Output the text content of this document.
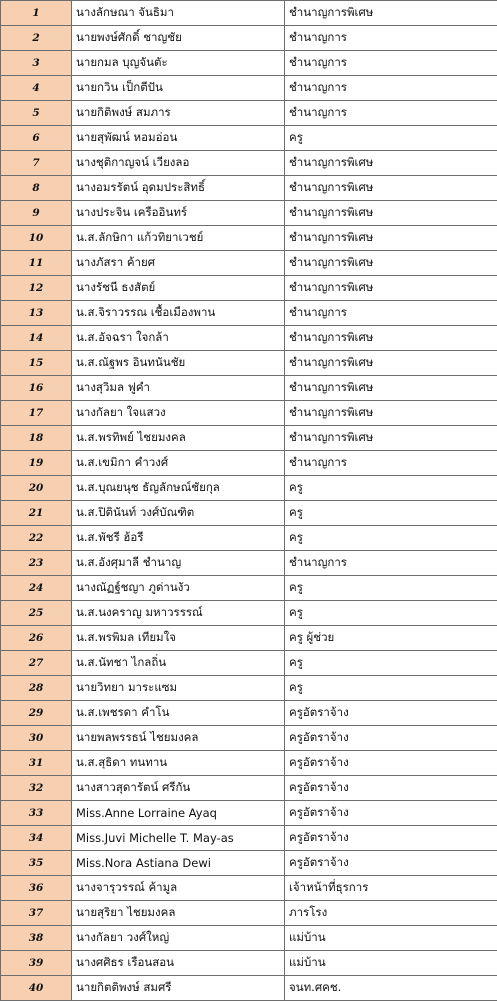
1	นางลักษณา จันธิมา	ชำนาญการพิเศษ
2	นายพงษ์ศักดิ์ ชาญชัย	ชำนาญการ
3	นายกมล บุญจันตัะ	ชำนาญการ
4	นายกวิน เป็กตีปัน	ชำนาญการ
5	นายกิติพงษ์ สมภาร	ชำนาญการ
6	นายสุพัฒน์ หอมอ่อน	ครู
7	นางชุติกาญจน์ เวียงลอ	ชำนาญการพิเศษ
8	นางอมรรัตน์ อุดมประสิทธิ์	ชำนาญการพิเศษ
9	นางประจิน เครืออินทร์	ชำนาญการพิเศษ
10	น.ส.ลักษิกา แก้วทิยาเวชย์	ชำนาญการพิเศษ
11	นางภัสรา ค้ายศ	ชำนาญการพิเศษ
12	นางรัชนี ธงสัตย์	ชำนาญการพิเศษ
13	น.ส.จิราวรรณ เชื้อเมืองพาน	ชำนาญการ
14	น.ส.อัจฉรา ใจกล้า	ชำนาญการพิเศษ
15	น.ส.ณัฐพร อินทนันชัย	ชำนาญการพิเศษ
16	นางสุวิมล ฟูคำ	ชำนาญการพิเศษ
17	นางกัลยา ใจแสวง	ชำนาญการพิเศษ
18	น.ส.พรทิพย์ ไชยมงคล	ชำนาญการพิเศษ
19	น.ส.เขมิกา คำวงศ์	ชำนาญการ
20	น.ส.บุณยนุช ธัญลักษณ์ชัยกุล	ครู
21	น.ส.ปิตินันท์ วงศ์บัณฑิต	ครู
22	น.ส.พัชรี ฮ้อรี	ครู
23	น.ส.อังศุมาลี ชำนาญ	ชำนาญการ
24	นางณัฏฐ์ชญา ภูด่านงัว	ครู
25	น.ส.นงคราญ มหาวรรรณ์	ครู
26	น.ส.พรพิมล เทียมใจ	ครู ผู้ช่วย
27	น.ส.นัทชา ไกลถิ่น	ครู
28	นายวิทยา มาระแซม	ครู
29	น.ส.เพชรดา คำโน	ครูอัตราจ้าง
30	นายพลพรรธน์ ไชยมงคล	ครูอัตราจ้าง
31	น.ส.สุธิดา ทนทาน	ครูอัตราจ้าง
32	นางสาวสุดารัตน์ ศรีกัน	ครูอัตราจ้าง
33	Miss.Anne Lorraine Ayaq	ครูอัตราจ้าง
34	Miss.Juvi Michelle T. May-as	ครูอัตราจ้าง
35	Miss.Nora Astiana Dewi	ครูอัตราจ้าง
36	นางจารุวรรณ์ ค้ามูล	เจ้าหน้าที่ธุรการ
37	นายสุริยา ไชยมงคล	ภารโรง
38	นางกัลยา วงศ์ใหญ่	แม่บ้าน
39	นางศศิธร เรือนสอน	แม่บ้าน
40	นายกิตติพงษ์ สมศรี	จนท.ศคช.
